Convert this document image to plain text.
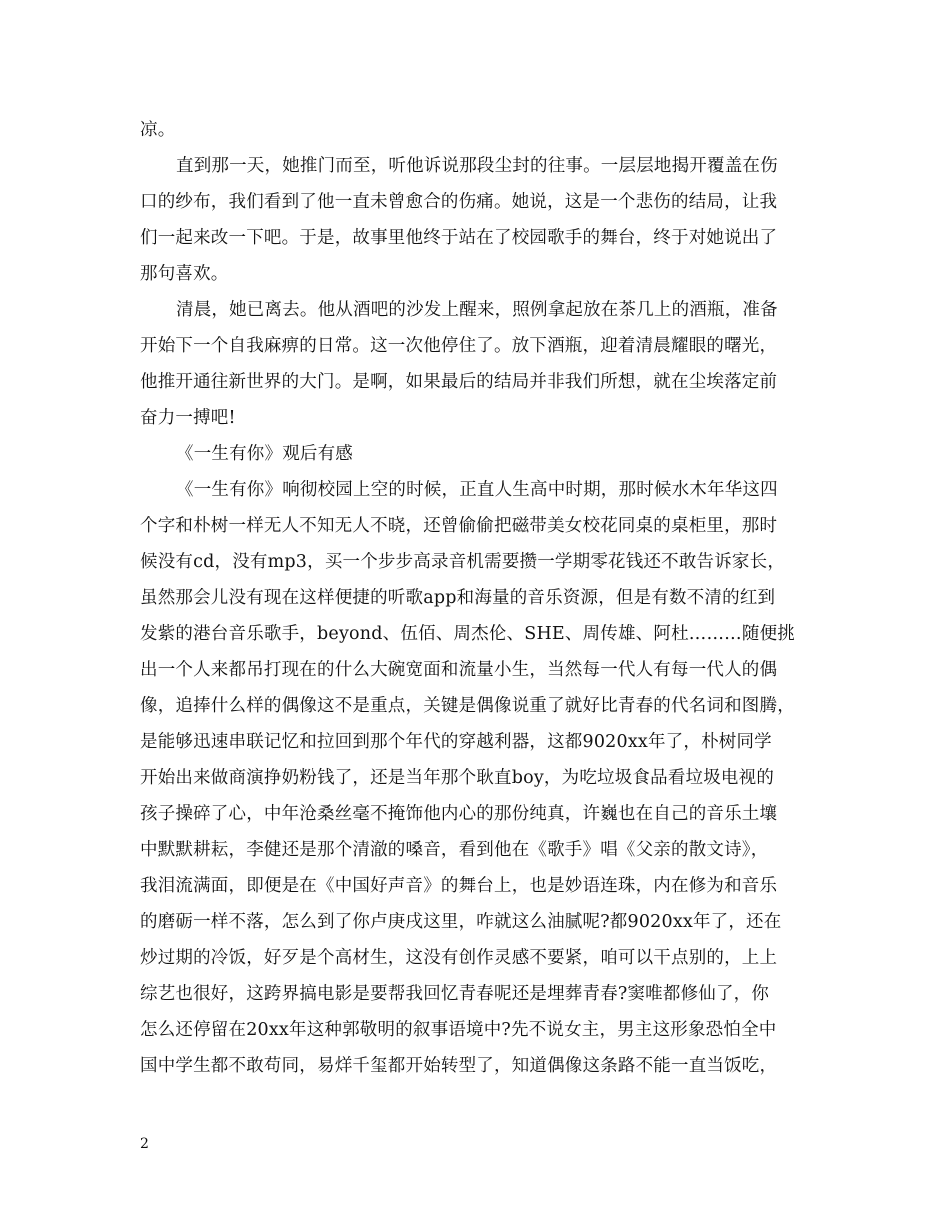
凉。
直到那一天，她推门而至，听他诉说那段尘封的往事。一层层地揭开覆盖在伤
口的纱布，我们看到了他一直未曾愈合的伤痛。她说，这是一个悲伤的结局，让我
们一起来改一下吧。于是，故事里他终于站在了校园歌手的舞台，终于对她说出了
那句喜欢。
清晨，她已离去。他从酒吧的沙发上醒来，照例拿起放在茶几上的酒瓶，准备
开始下一个自我麻痹的日常。这一次他停住了。放下酒瓶，迎着清晨耀眼的曙光，
他推开通往新世界的大门。是啊，如果最后的结局并非我们所想，就在尘埃落定前
奋力一搏吧!
《一生有你》观后有感
《一生有你》响彻校园上空的时候，正直人生高中时期，那时候水木年华这四
个字和朴树一样无人不知无人不晓，还曾偷偷把磁带美女校花同桌的桌柜里，那时
候没有cd，没有mp3，买一个步步高录音机需要攒一学期零花钱还不敢告诉家长，
虽然那会儿没有现在这样便捷的听歌app和海量的音乐资源，但是有数不清的红到
发紫的港台音乐歌手，beyond、伍佰、周杰伦、SHE、周传雄、阿杜………随便挑
出一个人来都吊打现在的什么大碗宽面和流量小生，当然每一代人有每一代人的偶
像，追捧什么样的偶像这不是重点，关键是偶像说重了就好比青春的代名词和图腾，
是能够迅速串联记忆和拉回到那个年代的穿越利器，这都9020xx年了，朴树同学
开始出来做商演挣奶粉钱了，还是当年那个耿直boy，为吃垃圾食品看垃圾电视的
孩子操碎了心，中年沧桑丝毫不掩饰他内心的那份纯真，许巍也在自己的音乐土壤
中默默耕耘，李健还是那个清澈的嗓音，看到他在《歌手》唱《父亲的散文诗》，
我泪流满面，即便是在《中国好声音》的舞台上，也是妙语连珠，内在修为和音乐
的磨砺一样不落，怎么到了你卢庚戌这里，咋就这么油腻呢?都9020xx年了，还在
炒过期的冷饭，好歹是个高材生，这没有创作灵感不要紧，咱可以干点别的，上上
综艺也很好，这跨界搞电影是要帮我回忆青春呢还是埋葬青春?窦唯都修仙了，你
怎么还停留在20xx年这种郭敬明的叙事语境中?先不说女主，男主这形象恐怕全中
国中学生都不敢苟同，易烊千玺都开始转型了，知道偶像这条路不能一直当饭吃，
2
